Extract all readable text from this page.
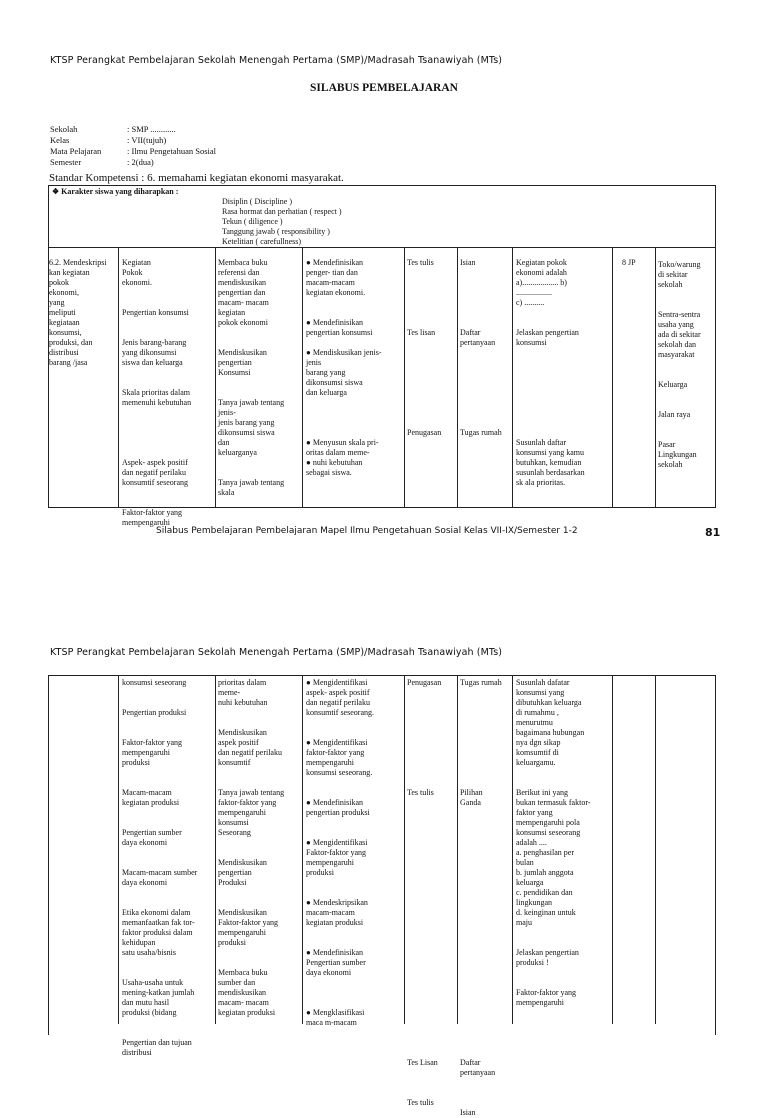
KTSP Perangkat Pembelajaran Sekolah Menengah Pertama (SMP)/Madrasah Tsanawiyah (MTs)
SILABUS PEMBELAJARAN
Sekolah
Kelas
Mata Pelajaran
Semester
: SMP ............
: VII(tujuh)
: Ilmu Pengetahuan Sosial
: 2(dua)
Standar Kompetensi : 6. memahami kegiatan ekonomi masyarakat.
❖ Karakter siswa yang diharapkan :

Disiplin ( Discipline )
Rasa hormat dan perhatian ( respect )
Tekun ( diligence )
Tanggung jawab ( responsibility )
Ketelitian ( carefullness)

6.2. Mendeskripsi
kan kegiatan
pokok
ekonomi,
yang
meliputi
kegiataan
konsumsi,
produksi, dan
distribusi
barang /jasa
Kegiatan
Pokok
ekonomi.

Pengertian konsumsi

Jenis barang-barang
yang dikonsumsi
siswa dan keluarga

Skala prioritas dalam
memenuhi kebutuhan

Aspek- aspek positif
dan negatif perilaku
konsumtif seseorang

Faktor-faktor yang
mempengaruhi
Membaca buku
referensi dan
mendiskusikan
pengertian dan
macam- macam
kegiatan
pokok ekonomi

Mendiskusikan
pengertian
Konsumsi

Tanya jawab tentang
jenis-
jenis barang yang
dikonsumsi siswa
dan
keluarganya

Tanya jawab tentang
skala
● Mendefinisikan
penger- tian dan
macam-macam
kegiatan ekonomi.

● Mendefinisikan
pengertian konsumsi

● Mendiskusikan jenis-
jenis
barang yang
dikonsumsi siswa
dan keluarga

● Menyusun skala pri-
oritas dalam meme-
● nuhi kebutuhan
sebagai siswa.
Tes tulis

Tes lisan

Penugasan
Isian

Daftar
pertanyaan

Tugas rumah
Kegiatan pokok
ekonomi adalah
a).................. b)
..................
c) ..........

Jelaskan pengertian
konsumsi

Susunlah daftar
konsumsi yang kamu
butuhkan, kemudian
susunlah berdasarkan
sk ala prioritas.
8 JP	Toko/warung
di sekitar
sekolah

Sentra-sentra
usaha yang
ada di sekitar
sekolah dan
masyarakat

Keluarga

Jalan raya

Pasar
Lingkungan
sekolah
Silabus Pembelajaran Pembelajaran Mapel Ilmu Pengetahuan Sosial Kelas VII-IX/Semester 1-2	81
KTSP Perangkat Pembelajaran Sekolah Menengah Pertama (SMP)/Madrasah Tsanawiyah (MTs)
konsumsi seseorang

Pengertian produksi

Faktor-faktor yang
mempengaruhi
produksi

Macam-macam
kegiatan produksi

Pengertian sumber
daya ekonomi

Macam-macam sumber
daya ekonomi

Etika ekonomi dalam
memanfaatkan fak tor-
faktor produksi dalam
kehidupan
satu usaha/bisnis

Usaha-usaha untuk
mening-katkan jumlah
dan mutu hasil
produksi (bidang

Pengertian dan tujuan
distribusi
prioritas dalam
meme-
nuhi kebutuhan

Mendiskusikan
aspek positif
dan negatif perilaku
konsumtif

Tanya jawab tentang
faktor-faktor yang
mempengaruhi
konsumsi
Seseorang

Mendiskusikan
pengertian
Produksi

Mendiskusikan
Faktor-faktor yang
mempengaruhi
produksi

Membaca buku
sumber dan
mendiskusikan
macam- macam
kegiatan produksi
● Mengidentifikasi
aspek- aspek positif
dan negatif perilaku
konsumtif seseorang.

● Mengidentifikasi
faktor-faktor yang
mempengaruhi
konsumsi seseorang.

● Mendefinisikan
pengertian produksi

● Mengidentifikasi
Faktor-faktor yang
mempengaruhi
produksi

● Mendeskripsikan
macam-macam
kegiatan produksi

● Mendefinisikan
Pengertian sumber
daya ekonomi

● Mengklasifikasi
maca m-macam
Penugasan

Tes tulis

Tes Lisan

Tes tulis
Tugas rumah

Pilihan
Ganda

Daftar
pertanyaan

Isian
Susunlah dafatar
konsumsi yang
dibutuhkan keluarga
di rumahmu ,
menurutmu
bagaimana hubungan
nya dgn sikap
komsumtif di
keluargamu.

Berikut ini yang
bukan termasuk faktor-
faktor yang
mempengaruhi pola
konsumsi seseorang
adalah ....
a. penghasilan per
bulan
b. jumlah anggota
keluarga
c. pendidikan dan
lingkungan
d. keinginan untuk
maju

Jelaskan pengertian
produksi !

Faktor-faktor yang
mempengaruhi
